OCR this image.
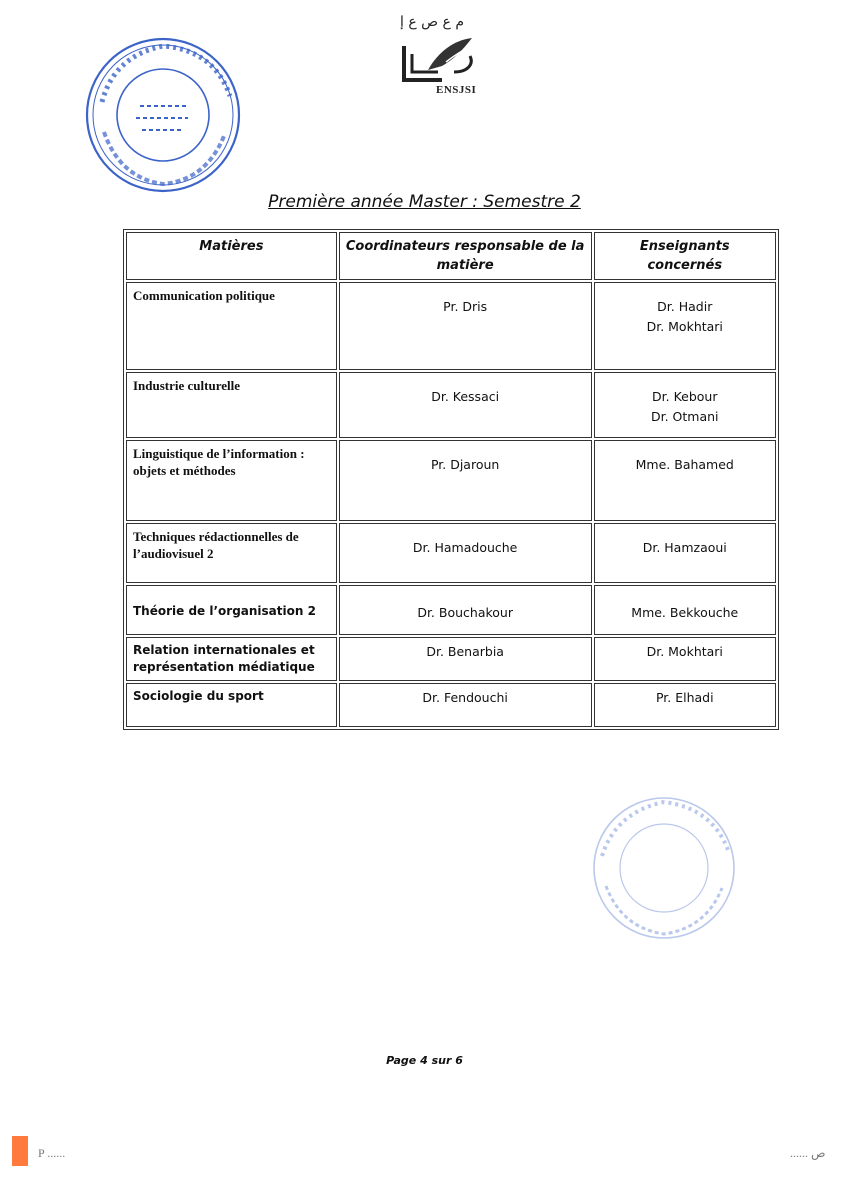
م ع ص ع إ
ENSJSI
Première année Master : Semestre 2
Matières	Coordinateurs responsable de la matière	Enseignants concernés
Communication politique	Pr. Dris	Dr. Hadir
Dr. Mokhtari

Industrie culturelle	Dr. Kessaci	Dr. Kebour
Dr. Otmani

Linguistique de l’information : objets et méthodes	Pr. Djaroun	Mme. Bahamed

Techniques rédactionnelles de l’audiovisuel 2	Dr. Hamadouche	Dr. Hamzaoui

Théorie de l’organisation 2	Dr. Bouchakour	Mme. Bekkouche

Relation internationales et représentation médiatique	Dr. Benarbia	Dr. Mokhtari

Sociologie du sport	Dr. Fendouchi	Pr. Elhadi
Page 4 sur 6
P ......	...... ص
